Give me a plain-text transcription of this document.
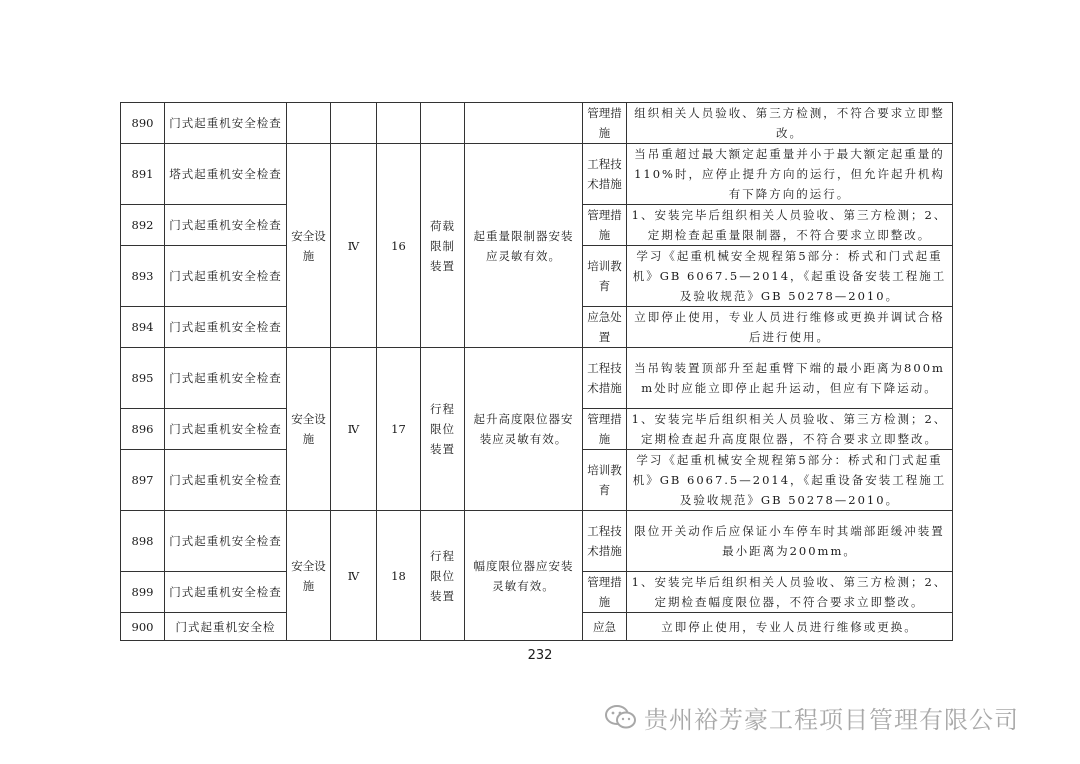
890	门式起重机安全检查						管理措施	组织相关人员验收、第三方检测，不符合要求立即整改。
891	塔式起重机安全检查	安全设施	Ⅳ	16	荷载限制装置	起重量限制器安装应灵敏有效。	工程技术措施	当吊重超过最大额定起重量并小于最大额定起重量的110%时，应停止提升方向的运行，但允许起升机构有下降方向的运行。
892	门式起重机安全检查						管理措施	1、安装完毕后组织相关人员验收、第三方检测；2、定期检查起重量限制器，不符合要求立即整改。
893	门式起重机安全检查						培训教育	学习《起重机械安全规程第5部分：桥式和门式起重机》GB 6067.5—2014，《起重设备安装工程施工及验收规范》GB 50278—2010。
894	门式起重机安全检查						应急处置	立即停止使用，专业人员进行维修或更换并调试合格后进行使用。
895	门式起重机安全检查	安全设施	Ⅳ	17	行程限位装置	起升高度限位器安装应灵敏有效。	工程技术措施	当吊钩装置顶部升至起重臂下端的最小距离为800mm处时应能立即停止起升运动，但应有下降运动。
896	门式起重机安全检查						管理措施	1、安装完毕后组织相关人员验收、第三方检测；2、定期检查起升高度限位器，不符合要求立即整改。
897	门式起重机安全检查						培训教育	学习《起重机械安全规程第5部分：桥式和门式起重机》GB 6067.5—2014，《起重设备安装工程施工及验收规范》GB 50278—2010。
898	门式起重机安全检查	安全设施	Ⅳ	18	行程限位装置	幅度限位器应安装灵敏有效。	工程技术措施	限位开关动作后应保证小车停车时其端部距缓冲装置最小距离为200mm。
899	门式起重机安全检查						管理措施	1、安装完毕后组织相关人员验收、第三方检测；2、定期检查幅度限位器，不符合要求立即整改。
900	门式起重机安全检						应急	立即停止使用，专业人员进行维修或更换。
232
贵州裕芳豪工程项目管理有限公司
